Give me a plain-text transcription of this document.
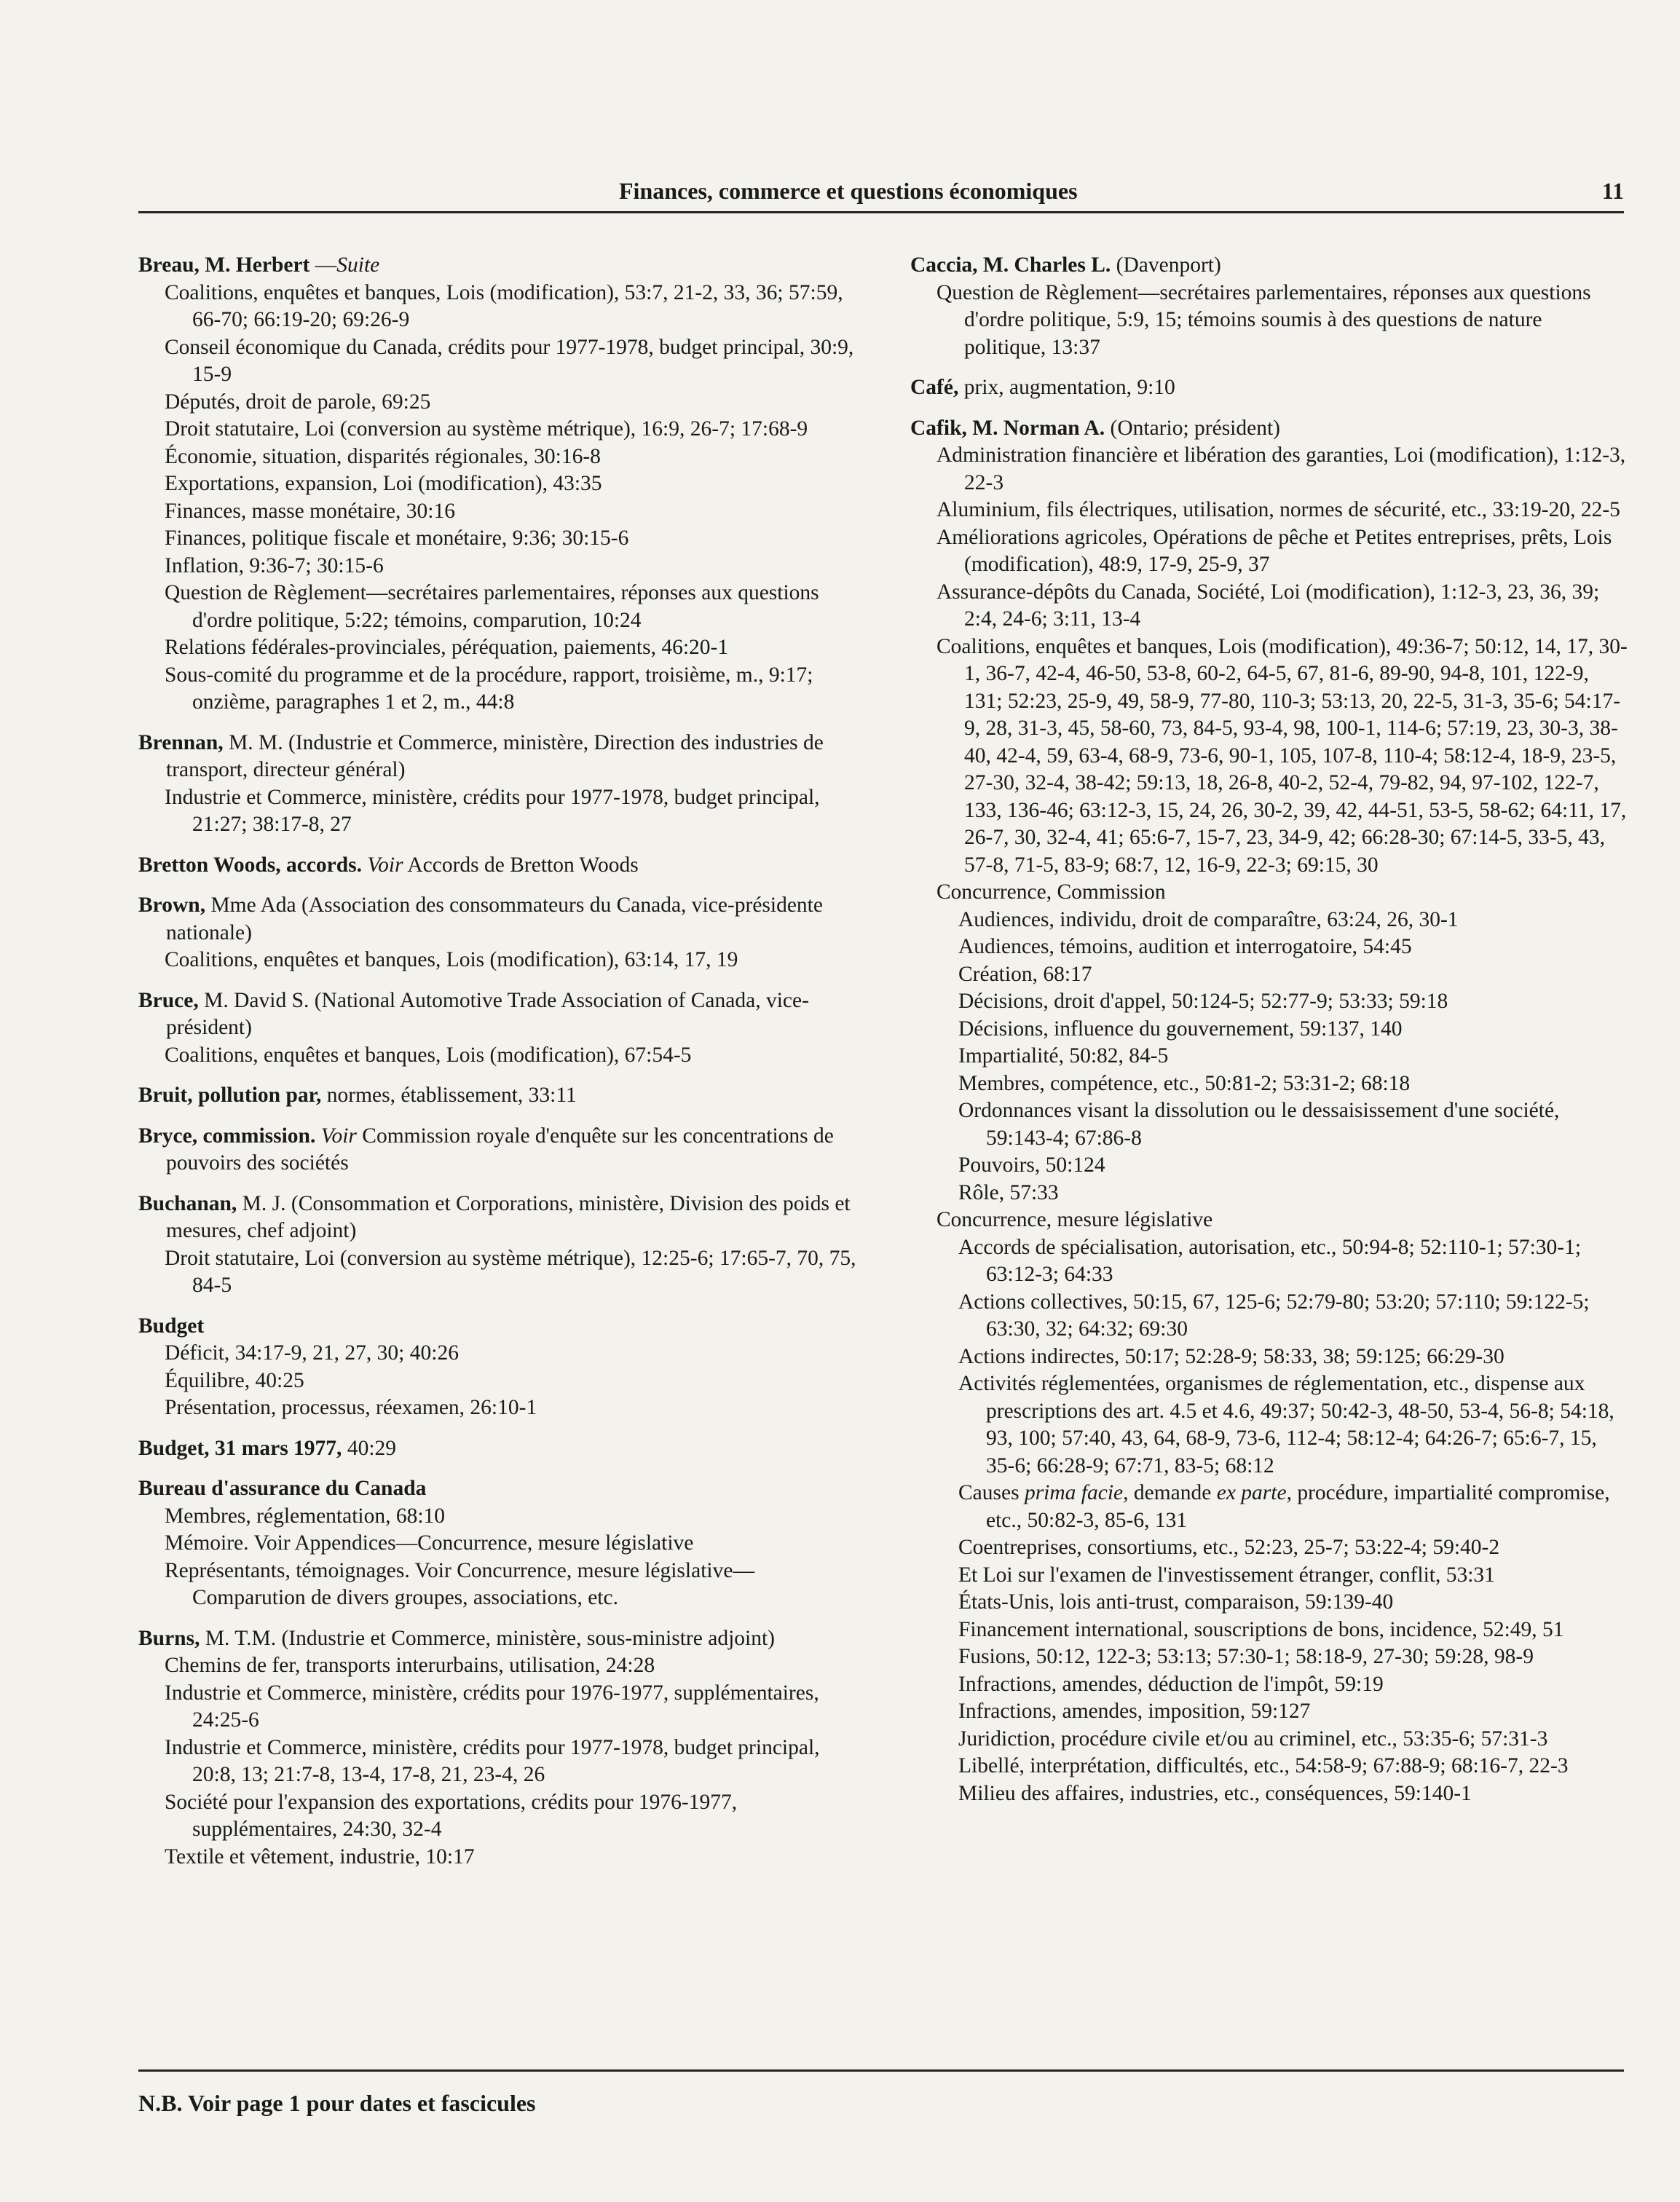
Finances, commerce et questions économiques	11
Breau, M. Herbert —Suite
Coalitions, enquêtes et banques, Lois (modification), 53:7, 21-2, 33, 36; 57:59, 66-70; 66:19-20; 69:26-9
Conseil économique du Canada, crédits pour 1977-1978, budget principal, 30:9, 15-9
Députés, droit de parole, 69:25
Droit statutaire, Loi (conversion au système métrique), 16:9, 26-7; 17:68-9
Économie, situation, disparités régionales, 30:16-8
Exportations, expansion, Loi (modification), 43:35
Finances, masse monétaire, 30:16
Finances, politique fiscale et monétaire, 9:36; 30:15-6
Inflation, 9:36-7; 30:15-6
Question de Règlement—secrétaires parlementaires, réponses aux questions d'ordre politique, 5:22; témoins, comparution, 10:24
Relations fédérales-provinciales, péréquation, paiements, 46:20-1
Sous-comité du programme et de la procédure, rapport, troisième, m., 9:17; onzième, paragraphes 1 et 2, m., 44:8
Brennan, M. M. (Industrie et Commerce, ministère, Direction des industries de transport, directeur général)
Industrie et Commerce, ministère, crédits pour 1977-1978, budget principal, 21:27; 38:17-8, 27
Bretton Woods, accords. Voir Accords de Bretton Woods
Brown, Mme Ada (Association des consommateurs du Canada, vice-présidente nationale)
Coalitions, enquêtes et banques, Lois (modification), 63:14, 17, 19
Bruce, M. David S. (National Automotive Trade Association of Canada, vice-président)
Coalitions, enquêtes et banques, Lois (modification), 67:54-5
Bruit, pollution par, normes, établissement, 33:11
Bryce, commission. Voir Commission royale d'enquête sur les concentrations de pouvoirs des sociétés
Buchanan, M. J. (Consommation et Corporations, ministère, Division des poids et mesures, chef adjoint)
Droit statutaire, Loi (conversion au système métrique), 12:25-6; 17:65-7, 70, 75, 84-5
Budget
Déficit, 34:17-9, 21, 27, 30; 40:26
Équilibre, 40:25
Présentation, processus, réexamen, 26:10-1
Budget, 31 mars 1977, 40:29
Bureau d'assurance du Canada
Membres, réglementation, 68:10
Mémoire. Voir Appendices—Concurrence, mesure législative
Représentants, témoignages. Voir Concurrence, mesure législative—Comparution de divers groupes, associations, etc.
Burns, M. T.M. (Industrie et Commerce, ministère, sous-ministre adjoint)
Chemins de fer, transports interurbains, utilisation, 24:28
Industrie et Commerce, ministère, crédits pour 1976-1977, supplémentaires, 24:25-6
Industrie et Commerce, ministère, crédits pour 1977-1978, budget principal, 20:8, 13; 21:7-8, 13-4, 17-8, 21, 23-4, 26
Société pour l'expansion des exportations, crédits pour 1976-1977, supplémentaires, 24:30, 32-4
Textile et vêtement, industrie, 10:17
Caccia, M. Charles L. (Davenport)
Question de Règlement—secrétaires parlementaires, réponses aux questions d'ordre politique, 5:9, 15; témoins soumis à des questions de nature politique, 13:37
Café, prix, augmentation, 9:10
Cafik, M. Norman A. (Ontario; président)
Administration financière et libération des garanties, Loi (modification), 1:12-3, 22-3
Aluminium, fils électriques, utilisation, normes de sécurité, etc., 33:19-20, 22-5
Améliorations agricoles, Opérations de pêche et Petites entreprises, prêts, Lois (modification), 48:9, 17-9, 25-9, 37
Assurance-dépôts du Canada, Société, Loi (modification), 1:12-3, 23, 36, 39; 2:4, 24-6; 3:11, 13-4
Coalitions, enquêtes et banques, Lois (modification), 49:36-7; 50:12, 14, 17, 30-1, 36-7, 42-4, 46-50, 53-8, 60-2, 64-5, 67, 81-6, 89-90, 94-8, 101, 122-9, 131; 52:23, 25-9, 49, 58-9, 77-80, 110-3; 53:13, 20, 22-5, 31-3, 35-6; 54:17-9, 28, 31-3, 45, 58-60, 73, 84-5, 93-4, 98, 100-1, 114-6; 57:19, 23, 30-3, 38-40, 42-4, 59, 63-4, 68-9, 73-6, 90-1, 105, 107-8, 110-4; 58:12-4, 18-9, 23-5, 27-30, 32-4, 38-42; 59:13, 18, 26-8, 40-2, 52-4, 79-82, 94, 97-102, 122-7, 133, 136-46; 63:12-3, 15, 24, 26, 30-2, 39, 42, 44-51, 53-5, 58-62; 64:11, 17, 26-7, 30, 32-4, 41; 65:6-7, 15-7, 23, 34-9, 42; 66:28-30; 67:14-5, 33-5, 43, 57-8, 71-5, 83-9; 68:7, 12, 16-9, 22-3; 69:15, 30
Concurrence, Commission
Audiences, individu, droit de comparaître, 63:24, 26, 30-1
Audiences, témoins, audition et interrogatoire, 54:45
Création, 68:17
Décisions, droit d'appel, 50:124-5; 52:77-9; 53:33; 59:18
Décisions, influence du gouvernement, 59:137, 140
Impartialité, 50:82, 84-5
Membres, compétence, etc., 50:81-2; 53:31-2; 68:18
Ordonnances visant la dissolution ou le dessaisissement d'une société, 59:143-4; 67:86-8
Pouvoirs, 50:124
Rôle, 57:33
Concurrence, mesure législative
Accords de spécialisation, autorisation, etc., 50:94-8; 52:110-1; 57:30-1; 63:12-3; 64:33
Actions collectives, 50:15, 67, 125-6; 52:79-80; 53:20; 57:110; 59:122-5; 63:30, 32; 64:32; 69:30
Actions indirectes, 50:17; 52:28-9; 58:33, 38; 59:125; 66:29-30
Activités réglementées, organismes de réglementation, etc., dispense aux prescriptions des art. 4.5 et 4.6, 49:37; 50:42-3, 48-50, 53-4, 56-8; 54:18, 93, 100; 57:40, 43, 64, 68-9, 73-6, 112-4; 58:12-4; 64:26-7; 65:6-7, 15, 35-6; 66:28-9; 67:71, 83-5; 68:12
Causes prima facie, demande ex parte, procédure, impartialité compromise, etc., 50:82-3, 85-6, 131
Coentreprises, consortiums, etc., 52:23, 25-7; 53:22-4; 59:40-2
Et Loi sur l'examen de l'investissement étranger, conflit, 53:31
États-Unis, lois anti-trust, comparaison, 59:139-40
Financement international, souscriptions de bons, incidence, 52:49, 51
Fusions, 50:12, 122-3; 53:13; 57:30-1; 58:18-9, 27-30; 59:28, 98-9
Infractions, amendes, déduction de l'impôt, 59:19
Infractions, amendes, imposition, 59:127
Juridiction, procédure civile et/ou au criminel, etc., 53:35-6; 57:31-3
Libellé, interprétation, difficultés, etc., 54:58-9; 67:88-9; 68:16-7, 22-3
Milieu des affaires, industries, etc., conséquences, 59:140-1
N.B. Voir page 1 pour dates et fascicules
